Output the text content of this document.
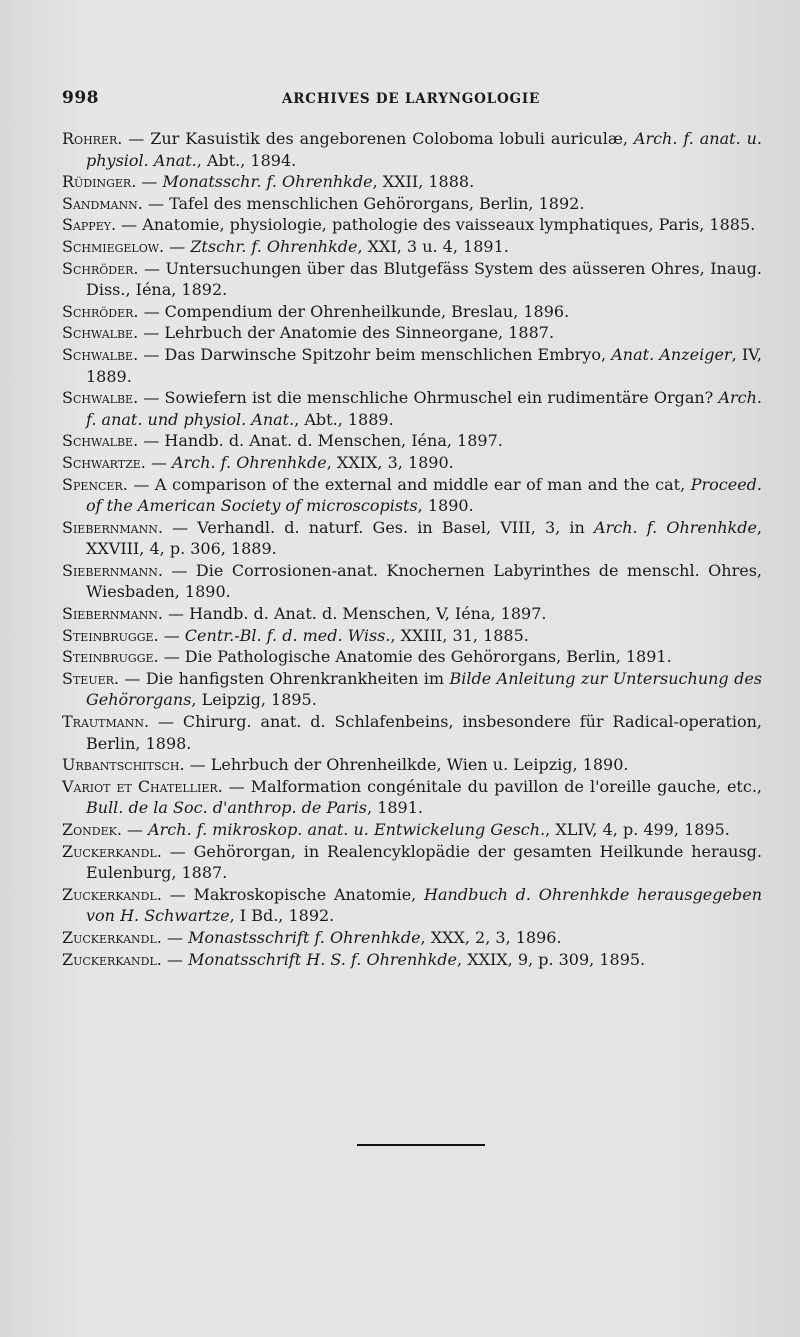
998	ARCHIVES DE LARYNGOLOGIE

Rohrer. — Zur Kasuistik des angeborenen Coloboma lobuli auriculæ, Arch. f. anat. u. physiol. Anat., Abt., 1894.

Rüdinger. — Monatsschr. f. Ohrenhkde, XXII, 1888.

Sandmann. — Tafel des menschlichen Gehörorgans, Berlin, 1892.

Sappey. — Anatomie, physiologie, pathologie des vaisseaux lymphatiques, Paris, 1885.

Schmiegelow. — Ztschr. f. Ohrenhkde, XXI, 3 u. 4, 1891.

Schröder. — Untersuchungen über das Blutgefäss System des aüsseren Ohres, Inaug. Diss., Iéna, 1892.

Schröder. — Compendium der Ohrenheilkunde, Breslau, 1896.

Schwalbe. — Lehrbuch der Anatomie des Sinneorgane, 1887.

Schwalbe. — Das Darwinsche Spitzohr beim menschlichen Embryo, Anat. Anzeiger, IV, 1889.

Schwalbe. — Sowiefern ist die menschliche Ohrmuschel ein rudimentäre Organ? Arch. f. anat. und physiol. Anat., Abt., 1889.

Schwalbe. — Handb. d. Anat. d. Menschen, Iéna, 1897.

Schwartze. — Arch. f. Ohrenhkde, XXIX, 3, 1890.

Spencer. — A comparison of the external and middle ear of man and the cat, Proceed. of the American Society of microscopists, 1890.

Siebernmann. — Verhandl. d. naturf. Ges. in Basel, VIII, 3, in Arch. f. Ohrenhkde, XXVIII, 4, p. 306, 1889.

Siebernmann. — Die Corrosionen-anat. Knochernen Labyrinthes de menschl. Ohres, Wiesbaden, 1890.

Siebernmann. — Handb. d. Anat. d. Menschen, V, Iéna, 1897.

Steinbrugge. — Centr.-Bl. f. d. med. Wiss., XXIII, 31, 1885.

Steinbrugge. — Die Pathologische Anatomie des Gehörorgans, Berlin, 1891.

Steuer. — Die hanfigsten Ohrenkrankheiten im Bilde Anleitung zur Untersuchung des Gehörorgans, Leipzig, 1895.

Trautmann. — Chirurg. anat. d. Schlafenbeins, insbesondere für Radical-operation, Berlin, 1898.

Urbantschitsch. — Lehrbuch der Ohrenheilkde, Wien u. Leipzig, 1890.

Variot et Chatellier. — Malformation congénitale du pavillon de l'oreille gauche, etc., Bull. de la Soc. d'anthrop. de Paris, 1891.

Zondek. — Arch. f. mikroskop. anat. u. Entwickelung Gesch., XLIV, 4, p. 499, 1895.

Zuckerkandl. — Gehörorgan, in Realencyklopädie der gesamten Heilkunde herausg. Eulenburg, 1887.

Zuckerkandl. — Makroskopische Anatomie, Handbuch d. Ohrenhkde herausgegeben von H. Schwartze, I Bd., 1892.

Zuckerkandl. — Monastsschrift f. Ohrenhkde, XXX, 2, 3, 1896.

Zuckerkandl. — Monatsschrift H. S. f. Ohrenhkde, XXIX, 9, p. 309, 1895.
